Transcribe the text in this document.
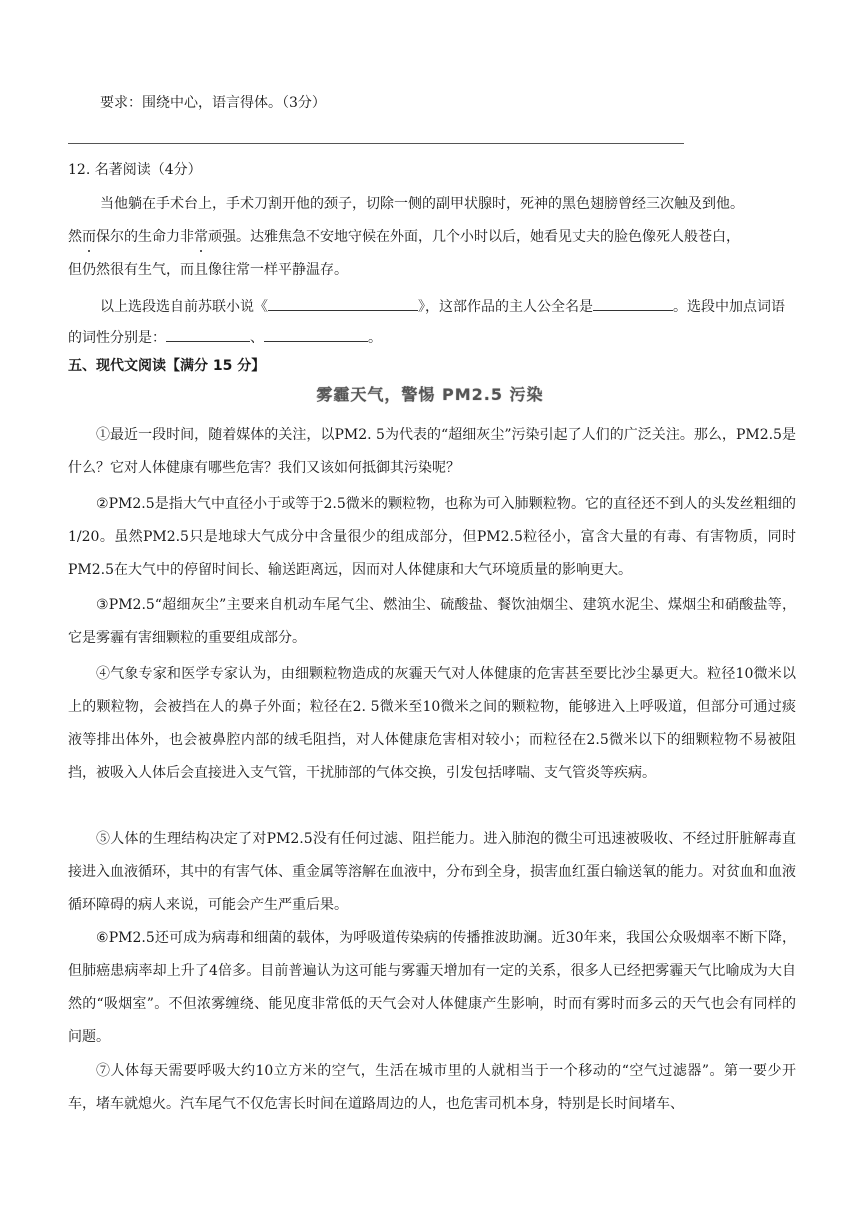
要求：围绕中心，语言得体。（3分）
12. 名著阅读（4分）
当他躺在手术台上，手术刀割开他的颈子，切除一侧的副甲状腺时，死神的黑色翅膀曾经三次触及到他。
然而保尔的生命力非常顽强。达雅焦急不安地守候在外面，几个小时以后，她看见丈夫的脸色像死人般苍白，
但仍然很有生气，而且像往常一样平静温存。
以上选段选自前苏联小说《	》，这部作品的主人公全名是	。选段中加点词语
的词性分别是：	、	。
五、现代文阅读【满分 15 分】
雾霾天气，警惕 PM2.5 污染
①最近一段时间，随着媒体的关注，以PM2. 5为代表的“超细灰尘”污染引起了人们的广泛关注。那么，PM2.5是什么？它对人体健康有哪些危害？我们又该如何抵御其污染呢？
②PM2.5是指大气中直径小于或等于2.5微米的颗粒物，也称为可入肺颗粒物。它的直径还不到人的头发丝粗细的1/20。虽然PM2.5只是地球大气成分中含量很少的组成部分，但PM2.5粒径小，富含大量的有毒、有害物质，同时PM2.5在大气中的停留时间长、输送距离远，因而对人体健康和大气环境质量的影响更大。
③PM2.5“超细灰尘”主要来自机动车尾气尘、燃油尘、硫酸盐、餐饮油烟尘、建筑水泥尘、煤烟尘和硝酸盐等，它是雾霾有害细颗粒的重要组成部分。
④气象专家和医学专家认为，由细颗粒物造成的灰霾天气对人体健康的危害甚至要比沙尘暴更大。粒径10微米以上的颗粒物，会被挡在人的鼻子外面；粒径在2. 5微米至10微米之间的颗粒物，能够进入上呼吸道，但部分可通过痰液等排出体外，也会被鼻腔内部的绒毛阻挡，对人体健康危害相对较小；而粒径在2.5微米以下的细颗粒物不易被阻挡，被吸入人体后会直接进入支气管，干扰肺部的气体交换，引发包括哮喘、支气管炎等疾病。
⑤人体的生理结构决定了对PM2.5没有任何过滤、阻拦能力。进入肺泡的微尘可迅速被吸收、不经过肝脏解毒直接进入血液循环，其中的有害气体、重金属等溶解在血液中，分布到全身，损害血红蛋白输送氧的能力。对贫血和血液循环障碍的病人来说，可能会产生严重后果。
⑥PM2.5还可成为病毒和细菌的载体，为呼吸道传染病的传播推波助澜。近30年来，我国公众吸烟率不断下降，但肺癌患病率却上升了4倍多。目前普遍认为这可能与雾霾天增加有一定的关系，很多人已经把雾霾天气比喻成为大自然的“吸烟室”。不但浓雾缠绕、能见度非常低的天气会对人体健康产生影响，时而有雾时而多云的天气也会有同样的问题。
⑦人体每天需要呼吸大约10立方米的空气，生活在城市里的人就相当于一个移动的“空气过滤器”。第一要少开车，堵车就熄火。汽车尾气不仅危害长时间在道路周边的人，也危害司机本身，特别是长时间堵车、
